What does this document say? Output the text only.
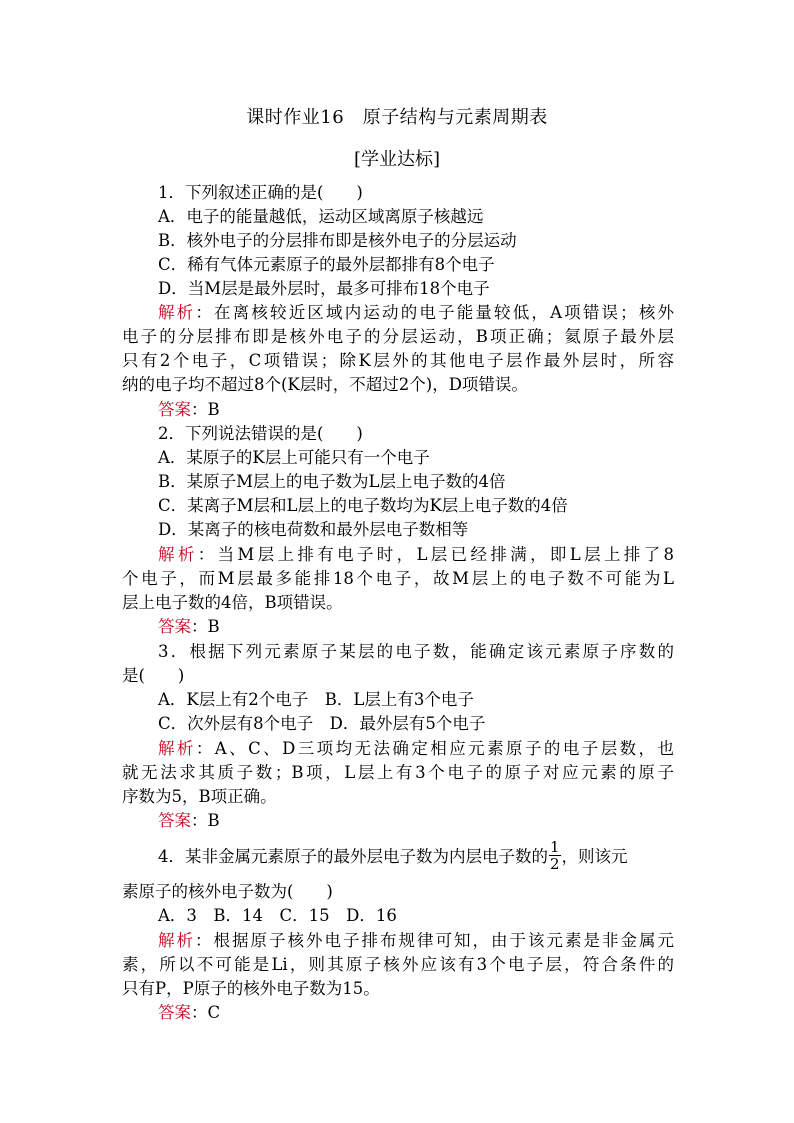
课时作业16　原子结构与元素周期表
[学业达标]
1．下列叙述正确的是(　　)
A．电子的能量越低，运动区域离原子核越远
B．核外电子的分层排布即是核外电子的分层运动
C．稀有气体元素原子的最外层都排有8个电子
D．当M层是最外层时，最多可排布18个电子
解析：在离核较近区域内运动的电子能量较低，A项错误；核外
电子的分层排布即是核外电子的分层运动，B项正确；氦原子最外层
只有2个电子，C项错误；除K层外的其他电子层作最外层时，所容
纳的电子均不超过8个(K层时，不超过2个)，D项错误。
答案：B
2．下列说法错误的是(　　)
A．某原子的K层上可能只有一个电子
B．某原子M层上的电子数为L层上电子数的4倍
C．某离子M层和L层上的电子数均为K层上电子数的4倍
D．某离子的核电荷数和最外层电子数相等
解析：当M层上排有电子时，L层已经排满，即L层上排了8
个电子，而M层最多能排18个电子，故M层上的电子数不可能为L
层上电子数的4倍，B项错误。
答案：B
3．根据下列元素原子某层的电子数，能确定该元素原子序数的
是(　　)
A．K层上有2个电子　B．L层上有3个电子
C．次外层有8个电子　D．最外层有5个电子
解析：A、C、D三项均无法确定相应元素原子的电子层数，也
就无法求其质子数；B项，L层上有3个电子的原子对应元素的原子
序数为5，B项正确。
答案：B
4．某非金属元素原子的最外层电子数为内层电子数的 $\frac{1}{2}$ ，则该元
素原子的核外电子数为(　　)
A．3　B．14　C．15　D．16
解析：根据原子核外电子排布规律可知，由于该元素是非金属元
素，所以不可能是Li，则其原子核外应该有3个电子层，符合条件的
只有P，P原子的核外电子数为15。
答案：C
